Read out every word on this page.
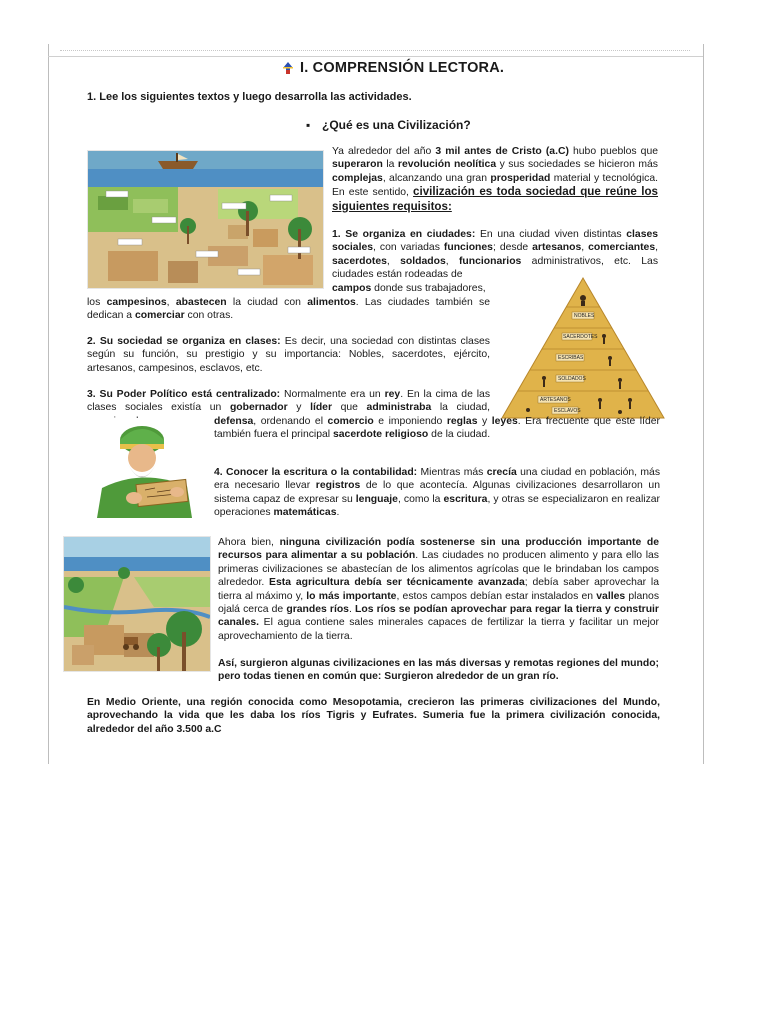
I. COMPRENSIÓN LECTORA.
1. Lee los siguientes textos y luego desarrolla las actividades.
▪ ¿Qué es una Civilización?
Ya alrededor del año 3 mil antes de Cristo (a.C) hubo pueblos que superaron la revolución neolítica y sus sociedades se hicieron más complejas, alcanzando una gran prosperidad material y tecnológica. En este sentido, civilización es toda sociedad que reúne los siguientes requisitos:
1. Se organiza en ciudades: En una ciudad viven distintas clases sociales, con variadas funciones; desde artesanos, comerciantes, sacerdotes, soldados, funcionarios administrativos, etc. Las ciudades están rodeadas de
campos donde sus trabajadores,
los campesinos, abastecen la ciudad con alimentos. Las ciudades también se dedican a comerciar con otras.	NOBLES
SACERDOTES
ESCRIBAS
SOLDADOS
ARTESANOS
ESCLAVOS
2. Su sociedad se organiza en clases: Es decir, una sociedad con distintas clases según su función, su prestigio y su importancia: Nobles, sacerdotes, ejército, artesanos, campesinos, esclavos, etc.
3. Su Poder Político está centralizado: Normalmente era un rey. En la cima de las clases sociales existía un gobernador y líder que administraba la ciudad,
defensa, ordenando el comercio e imponiendo reglas y leyes. Era frecuente que este líder también fuera el principal sacerdote religioso de la ciudad.
4. Conocer la escritura o la contabilidad: Mientras más crecía una ciudad en población, más era necesario llevar registros de lo que acontecía. Algunas civilizaciones desarrollaron un sistema capaz de expresar su lenguaje, como la escritura, y otras se especializaron en realizar operaciones matemáticas.
Ahora bien, ninguna civilización podía sostenerse sin una producción importante de recursos para alimentar a su población. Las ciudades no producen alimento y para ello las primeras civilizaciones se abastecían de los alimentos agrícolas que le brindaban los campos alrededor. Esta agricultura debía ser técnicamente avanzada; debía saber aprovechar la tierra al máximo y, lo más importante, estos campos debían estar instalados en valles planos ojalá cerca de grandes ríos. Los ríos se podían aprovechar para regar la tierra y construir canales. El agua contiene sales minerales capaces de fertilizar la tierra y facilitar un mejor aprovechamiento de la tierra.
Así, surgieron algunas civilizaciones en las más diversas y remotas regiones del mundo; pero todas tienen en común que: Surgieron alrededor de un gran río.
En Medio Oriente, una región conocida como Mesopotamia, crecieron las primeras civilizaciones del Mundo, aprovechando la vida que les daba los ríos Tigris y Eufrates. Sumeria fue la primera civilización conocida, alrededor del año 3.500 a.C
